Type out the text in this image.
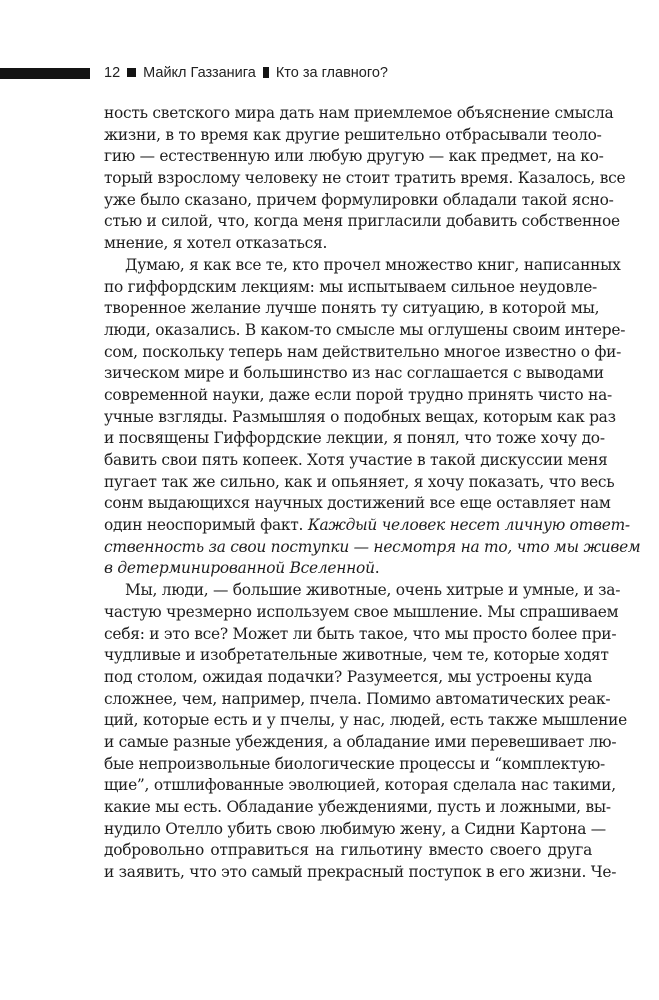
12 Майкл Газзанига Кто за главного?
ность светского мира дать нам приемлемое объяснение смысла
жизни, в то время как другие решительно отбрасывали теоло-
гию — естественную или любую другую — как предмет, на ко-
торый взрослому человеку не стоит тратить время. Казалось, все
уже было сказано, причем формулировки обладали такой ясно-
стью и силой, что, когда меня пригласили добавить собственное
мнение, я хотел отказаться.
Думаю, я как все те, кто прочел множество книг, написанных
по гиффордским лекциям: мы испытываем сильное неудовле-
творенное желание лучше понять ту ситуацию, в которой мы,
люди, оказались. В каком-то смысле мы оглушены своим интере-
сом, поскольку теперь нам действительно многое известно о фи-
зическом мире и большинство из нас соглашается с выводами
современной науки, даже если порой трудно принять чисто на-
учные взгляды. Размышляя о подобных вещах, которым как раз
и посвящены Гиффордские лекции, я понял, что тоже хочу до-
бавить свои пять копеек. Хотя участие в такой дискуссии меня
пугает так же сильно, как и опьяняет, я хочу показать, что весь
сонм выдающихся научных достижений все еще оставляет нам
один неоспоримый факт. Каждый человек несет личную ответ-
ственность за свои поступки — несмотря на то, что мы живем
в детерминированной Вселенной.
Мы, люди, — большие животные, очень хитрые и умные, и за-
частую чрезмерно используем свое мышление. Мы спрашиваем
себя: и это все? Может ли быть такое, что мы просто более при-
чудливые и изобретательные животные, чем те, которые ходят
под столом, ожидая подачки? Разумеется, мы устроены куда
сложнее, чем, например, пчела. Помимо автоматических реак-
ций, которые есть и у пчелы, у нас, людей, есть также мышление
и самые разные убеждения, а обладание ими перевешивает лю-
бые непроизвольные биологические процессы и “комплектую-
щие”, отшлифованные эволюцией, которая сделала нас такими,
какие мы есть. Обладание убеждениями, пусть и ложными, вы-
нудило Отелло убить свою любимую жену, а Сидни Картона —
добровольно отправиться на гильотину вместо своего друга
и заявить, что это самый прекрасный поступок в его жизни. Че-
